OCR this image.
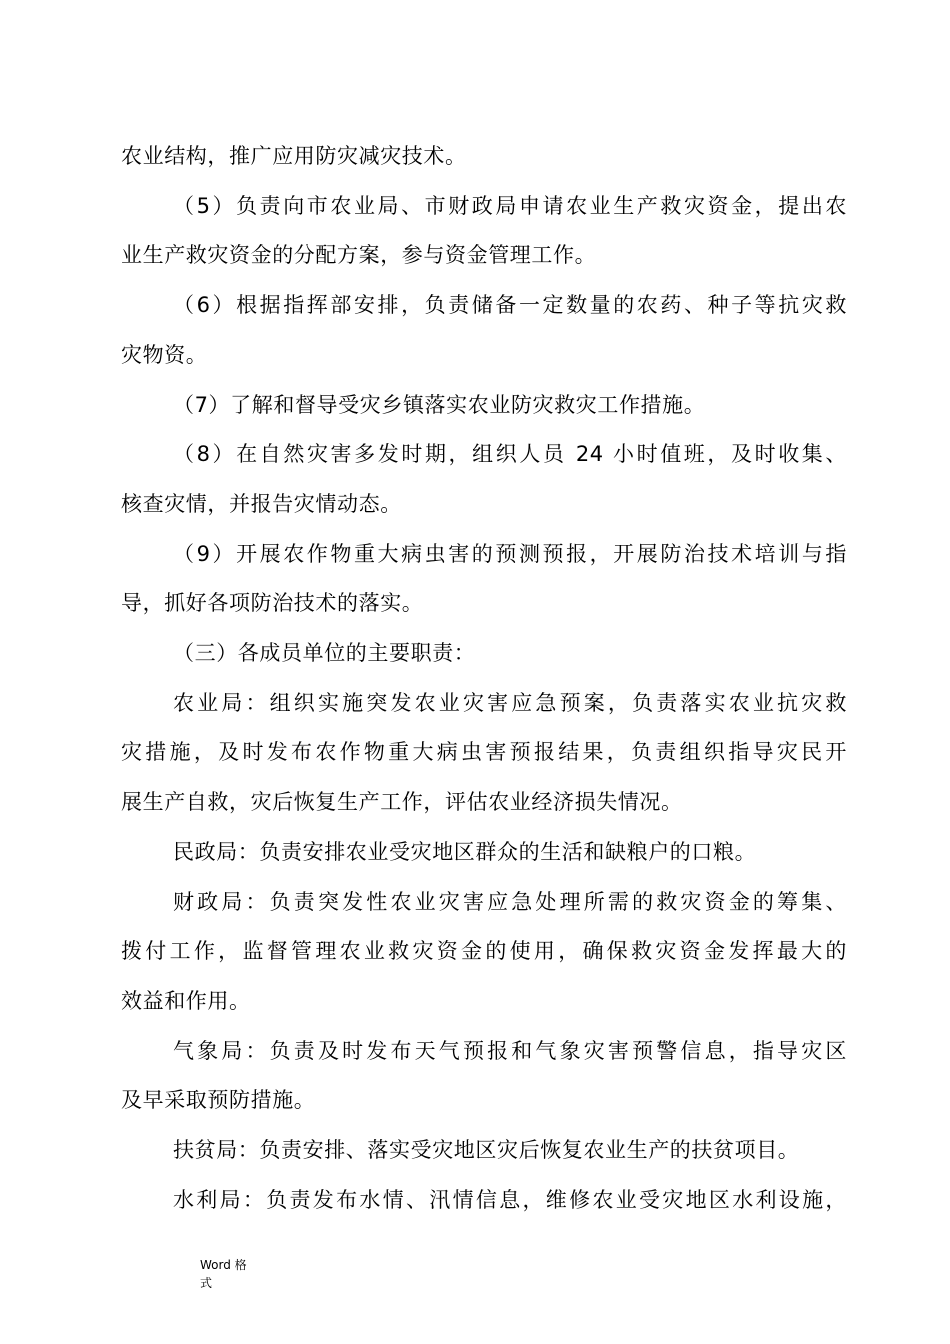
农业结构，推广应用防灾减灾技术。

（5）负责向市农业局、市财政局申请农业生产救灾资金，提出农

业生产救灾资金的分配方案，参与资金管理工作。

（6）根据指挥部安排，负责储备一定数量的农药、种子等抗灾救

灾物资。

（7）了解和督导受灾乡镇落实农业防灾救灾工作措施。

（8）在自然灾害多发时期，组织人员 24 小时值班，及时收集、

核查灾情，并报告灾情动态。

（9）开展农作物重大病虫害的预测预报，开展防治技术培训与指

导，抓好各项防治技术的落实。

（三）各成员单位的主要职责：

农业局：组织实施突发农业灾害应急预案，负责落实农业抗灾救

灾措施，及时发布农作物重大病虫害预报结果，负责组织指导灾民开

展生产自救，灾后恢复生产工作，评估农业经济损失情况。

民政局：负责安排农业受灾地区群众的生活和缺粮户的口粮。

财政局：负责突发性农业灾害应急处理所需的救灾资金的筹集、

拨付工作，监督管理农业救灾资金的使用，确保救灾资金发挥最大的

效益和作用。

气象局：负责及时发布天气预报和气象灾害预警信息，指导灾区

及早采取预防措施。

扶贫局：负责安排、落实受灾地区灾后恢复农业生产的扶贫项目。

水利局：负责发布水情、汛情信息，维修农业受灾地区水利设施，

Word 格
式
